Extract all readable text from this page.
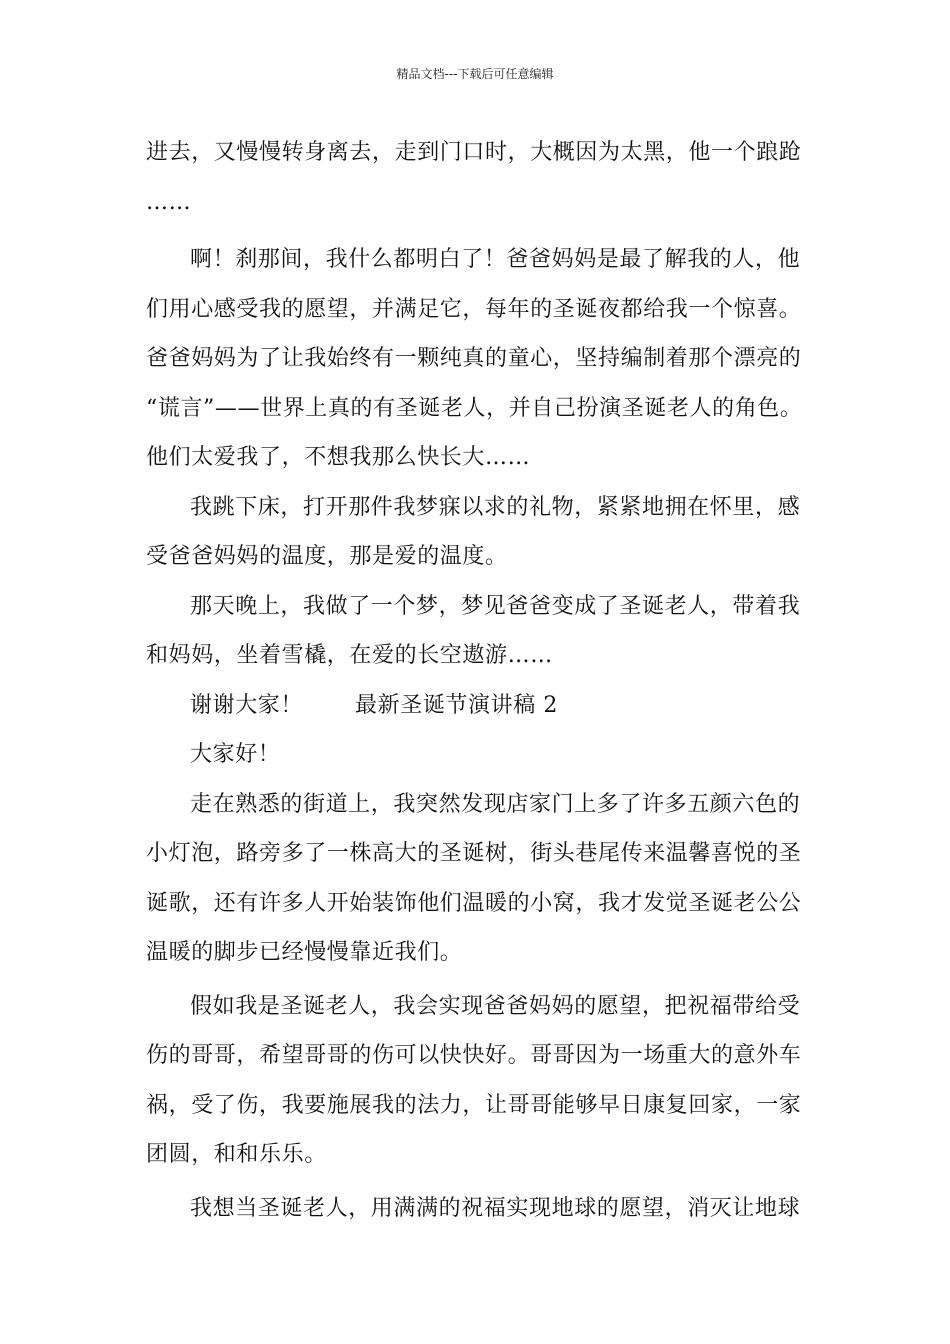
精品文档---下载后可任意编辑
进去，又慢慢转身离去，走到门口时，大概因为太黑，他一个踉跄
……
啊！刹那间，我什么都明白了！爸爸妈妈是最了解我的人，他
们用心感受我的愿望，并满足它，每年的圣诞夜都给我一个惊喜。
爸爸妈妈为了让我始终有一颗纯真的童心，坚持编制着那个漂亮的
“谎言”——世界上真的有圣诞老人，并自己扮演圣诞老人的角色。
他们太爱我了，不想我那么快长大……
我跳下床，打开那件我梦寐以求的礼物，紧紧地拥在怀里，感
受爸爸妈妈的温度，那是爱的温度。
那天晚上，我做了一个梦，梦见爸爸变成了圣诞老人，带着我
和妈妈，坐着雪橇，在爱的长空遨游……
谢谢大家！ 最新圣诞节演讲稿 2
大家好！
走在熟悉的街道上，我突然发现店家门上多了许多五颜六色的
小灯泡，路旁多了一株高大的圣诞树，街头巷尾传来温馨喜悦的圣
诞歌，还有许多人开始装饰他们温暖的小窝，我才发觉圣诞老公公
温暖的脚步已经慢慢靠近我们。
假如我是圣诞老人，我会实现爸爸妈妈的愿望，把祝福带给受
伤的哥哥，希望哥哥的伤可以快快好。哥哥因为一场重大的意外车
祸，受了伤，我要施展我的法力，让哥哥能够早日康复回家，一家
团圆，和和乐乐。
我想当圣诞老人，用满满的祝福实现地球的愿望，消灭让地球
